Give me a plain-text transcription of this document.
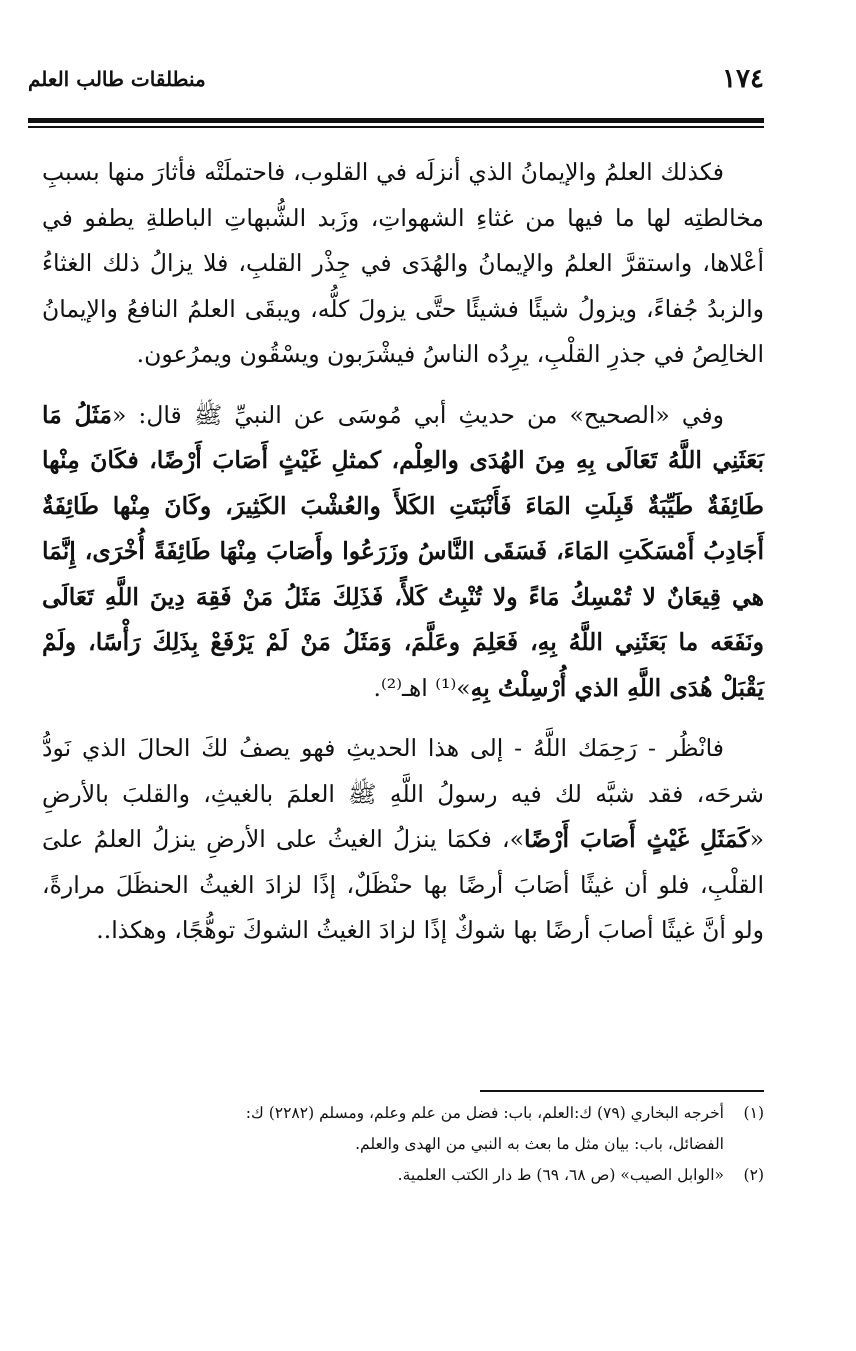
١٧٤
منطلقات طالب العلم

فكذلك العلمُ والإيمانُ الذي أنزلَه في القلوب، فاحتملَتْه فأثارَ منها بسببِ مخالطتِه لها ما فيها من غثاءِ الشهواتِ، وزَبد الشُّبهاتِ الباطلةِ يطفو في أعْلاها، واستقرَّ العلمُ والإيمانُ والهُدَى في جِذْر القلبِ، فلا يزالُ ذلك الغثاءُ والزبدُ جُفاءً، ويزولُ شيئًا فشيئًا حتَّى يزولَ كلُّه، ويبقَى العلمُ النافعُ والإيمانُ الخالِصُ في جذرِ القلْبِ، يرِدُه الناسُ فيشْرَبون ويسْقُون ويمرُعون.

وفي «الصحيح» من حديثِ أبي مُوسَى عن النبيِّ ﷺ قال: «مَثَلُ مَا بَعَثَنِي اللَّهُ تَعَالَى بِهِ مِنَ الهُدَى والعِلْم، كمثلِ غَيْثٍ أَصَابَ أَرْضًا، فكَانَ مِنْها طَائِفَةٌ طَيِّبَةٌ قَبِلَتِ المَاءَ فَأَنْبَتَتِ الكَلأَ والعُشْبَ الكَثِيرَ، وكَانَ مِنْها طَائِفَةٌ أَجَادِبُ أَمْسَكَتِ المَاءَ، فَسَقَى النَّاسُ وزَرَعُوا وأَصَابَ مِنْهَا طَائِفَةً أُخْرَى، إِنَّمَا هي قِيعَانٌ لا تُمْسِكُ مَاءً ولا تُنْبِتُ كَلأً، فَذَلِكَ مَثَلُ مَنْ فَقِهَ دِينَ اللَّهِ تَعَالَى ونَفَعَه ما بَعَثَنِي اللَّهُ بِهِ، فَعَلِمَ وعَلَّمَ، وَمَثَلُ مَنْ لَمْ يَرْفَعْ بِذَلِكَ رَأْسًا، ولَمْ يَقْبَلْ هُدَى اللَّهِ الذي أُرْسِلْتُ بِهِ»⁽¹⁾ اهـ⁽²⁾.

فانْظُر - رَحِمَك اللَّهُ - إلى هذا الحديثِ فهو يصفُ لكَ الحالَ الذي نَودُّ شرحَه، فقد شبَّه لك فيه رسولُ اللَّهِ ﷺ العلمَ بالغيثِ، والقلبَ بالأرضِ «كَمَثَلِ غَيْثٍ أَصَابَ أَرْضًا»، فكمَا ينزلُ الغيثُ على الأرضِ ينزلُ العلمُ علىَ القلْبِ، فلو أن غيثًا أصَابَ أرضًا بها حنْظَلٌ، إذًا لزادَ الغيثُ الحنظَلَ مرارةً، ولو أنَّ غيثًا أصابَ أرضًا بها شوكٌ إذًا لزادَ الغيثُ الشوكَ توهُّجًا، وهكذا..

(١)أخرجه البخاري (٧٩) ك:العلم، باب: فضل من علم وعلم، ومسلم (٢٢٨٢) ك:

الفضائل، باب: بيان مثل ما بعث به النبي من الهدى والعلم.

(٢)«الوابل الصيب» (ص ٦٨، ٦٩) ط دار الكتب العلمية.
